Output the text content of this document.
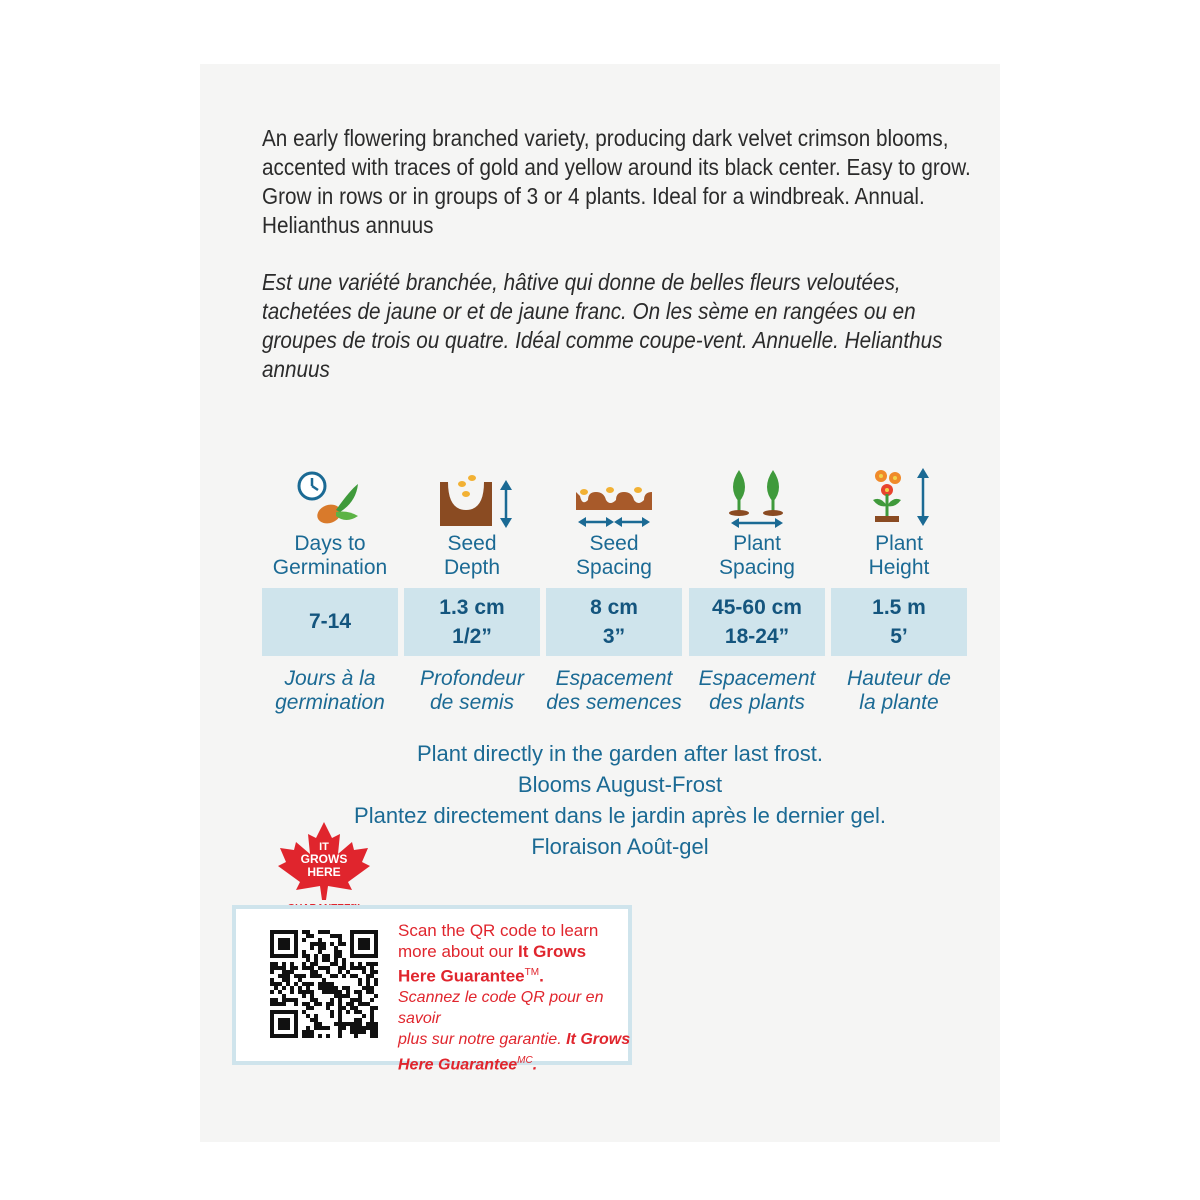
An early flowering branched variety, producing dark velvet crimson blooms,
accented with traces of gold and yellow around its black center. Easy to grow.
Grow in rows or in groups of 3 or 4 plants. Ideal for a windbreak. Annual.
Helianthus annuus
Est une variété branchée, hâtive qui donne de belles fleurs veloutées,
tachetées de jaune or et de jaune franc. On les sème en rangées ou en
groupes de trois ou quatre. Idéal comme coupe-vent. Annuelle. Helianthus
annuus
Days to
Germination
7-14
Jours à la
germination
Seed
Depth
1.3 cm
1/2”
Profondeur
de semis
Seed
Spacing
8 cm
3”
Espacement
des semences
Plant
Spacing
45-60 cm
18-24”
Espacement
des plants
Plant
Height
1.5 m
5’
Hauteur de
la plante
Plant directly in the garden after last frost.
Blooms August-Frost
Plantez directement dans le jardin après le dernier gel.
Floraison Août-gel
IT
GROWS
HERE
Scan the QR code to learn
more about our It Grows
Here Guarantee™.
Scannez le code QR pour en savoir
plus sur notre garantie. It Grows
Here Guarantee$^{MC}$.
